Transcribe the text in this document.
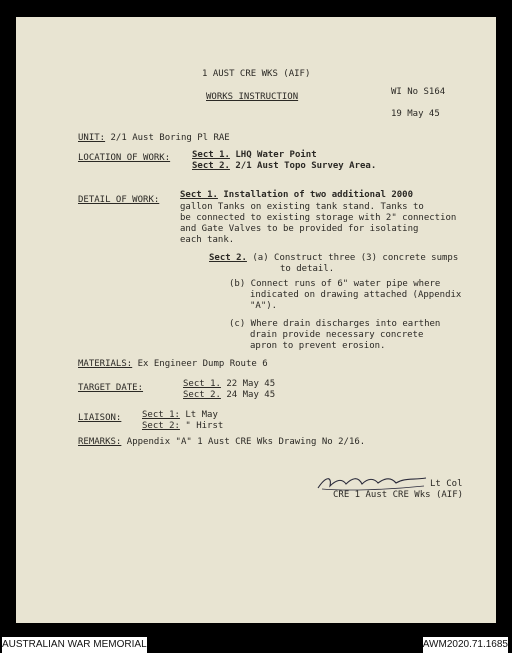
1 AUST CRE WKS (AIF)
WORKS INSTRUCTION	WI No S164
19 May 45
UNIT: 2/1 Aust Boring Pl RAE
LOCATION OF WORK: Sect 1. LHQ Water Point
Sect 2. 2/1 Aust Topo Survey Area.
DETAIL OF WORK: Sect 1. Installation of two additional 2000
gallon Tanks on existing tank stand. Tanks to
be connected to existing storage with 2" connection
and Gate Valves to be provided for isolating
each tank.
Sect 2. (a) Construct three (3) concrete sumps
to detail.
(b) Connect runs of 6" water pipe where
indicated on drawing attached (Appendix
"A").
(c) Where drain discharges into earthen
drain provide necessary concrete
apron to prevent erosion.
MATERIALS: Ex Engineer Dump Route 6
TARGET DATE:	Sect 1. 22 May 45
Sect 2. 24 May 45
LIAISON: Sect 1: Lt May
Sect 2: " Hirst
REMARKS: Appendix "A" 1 Aust CRE Wks Drawing No 2/16.
Lt Col
CRE 1 Aust CRE Wks (AIF)
AUSTRALIAN WAR MEMORIAL	AWM2020.71.1685
